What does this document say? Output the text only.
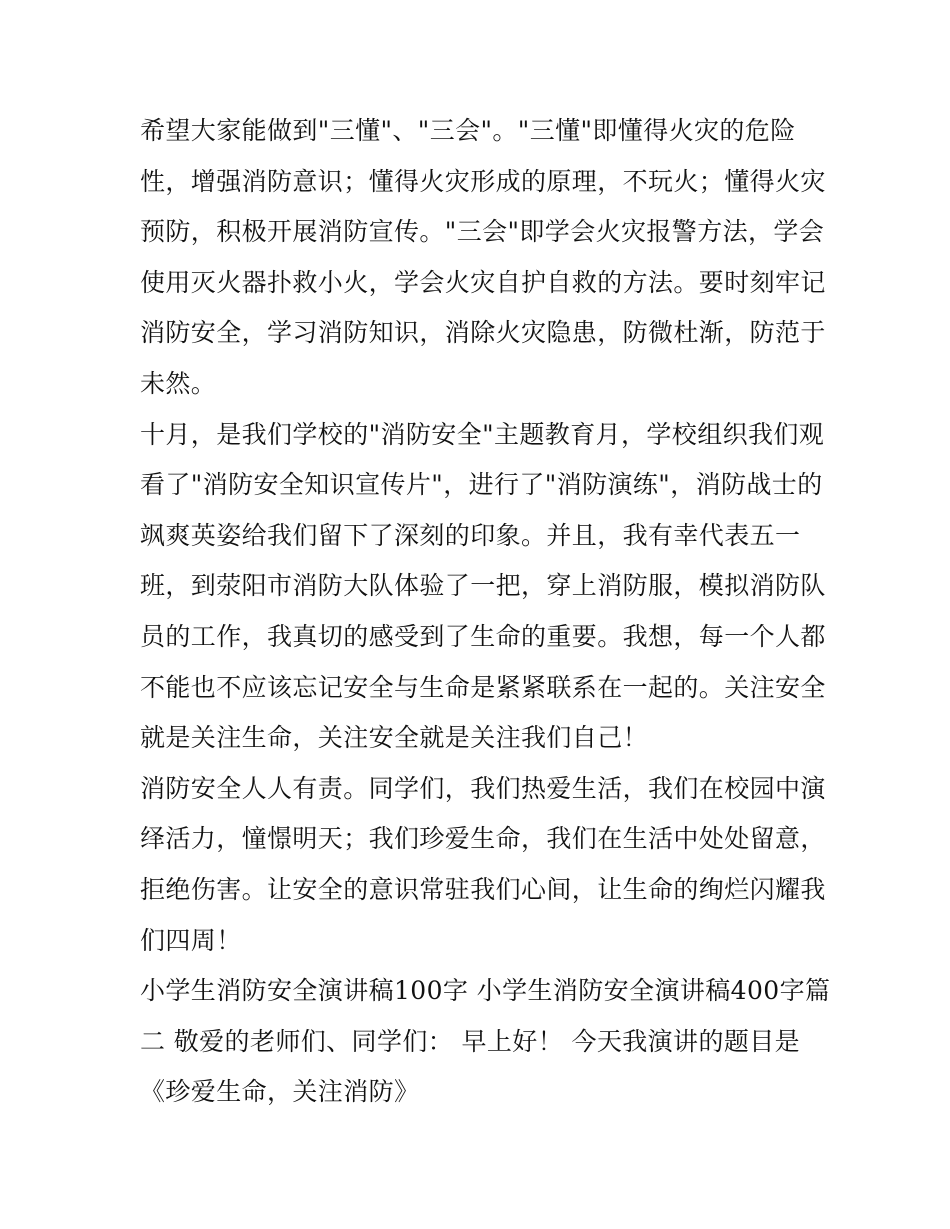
希望大家能做到"三懂"、"三会"。"三懂"即懂得火灾的危险
性，增强消防意识；懂得火灾形成的原理，不玩火；懂得火灾
预防，积极开展消防宣传。"三会"即学会火灾报警方法，学会
使用灭火器扑救小火，学会火灾自护自救的方法。要时刻牢记
消防安全，学习消防知识，消除火灾隐患，防微杜渐，防范于
未然。
十月，是我们学校的"消防安全"主题教育月，学校组织我们观
看了"消防安全知识宣传片"，进行了"消防演练"，消防战士的
飒爽英姿给我们留下了深刻的印象。并且，我有幸代表五一
班，到荥阳市消防大队体验了一把，穿上消防服，模拟消防队
员的工作，我真切的感受到了生命的重要。我想，每一个人都
不能也不应该忘记安全与生命是紧紧联系在一起的。关注安全
就是关注生命，关注安全就是关注我们自己！
消防安全人人有责。同学们，我们热爱生活，我们在校园中演
绎活力，憧憬明天；我们珍爱生命，我们在生活中处处留意，
拒绝伤害。让安全的意识常驻我们心间，让生命的绚烂闪耀我
们四周！
小学生消防安全演讲稿100字 小学生消防安全演讲稿400字篇
二 敬爱的老师们、同学们： 早上好！ 今天我演讲的题目是
《珍爱生命，关注消防》
